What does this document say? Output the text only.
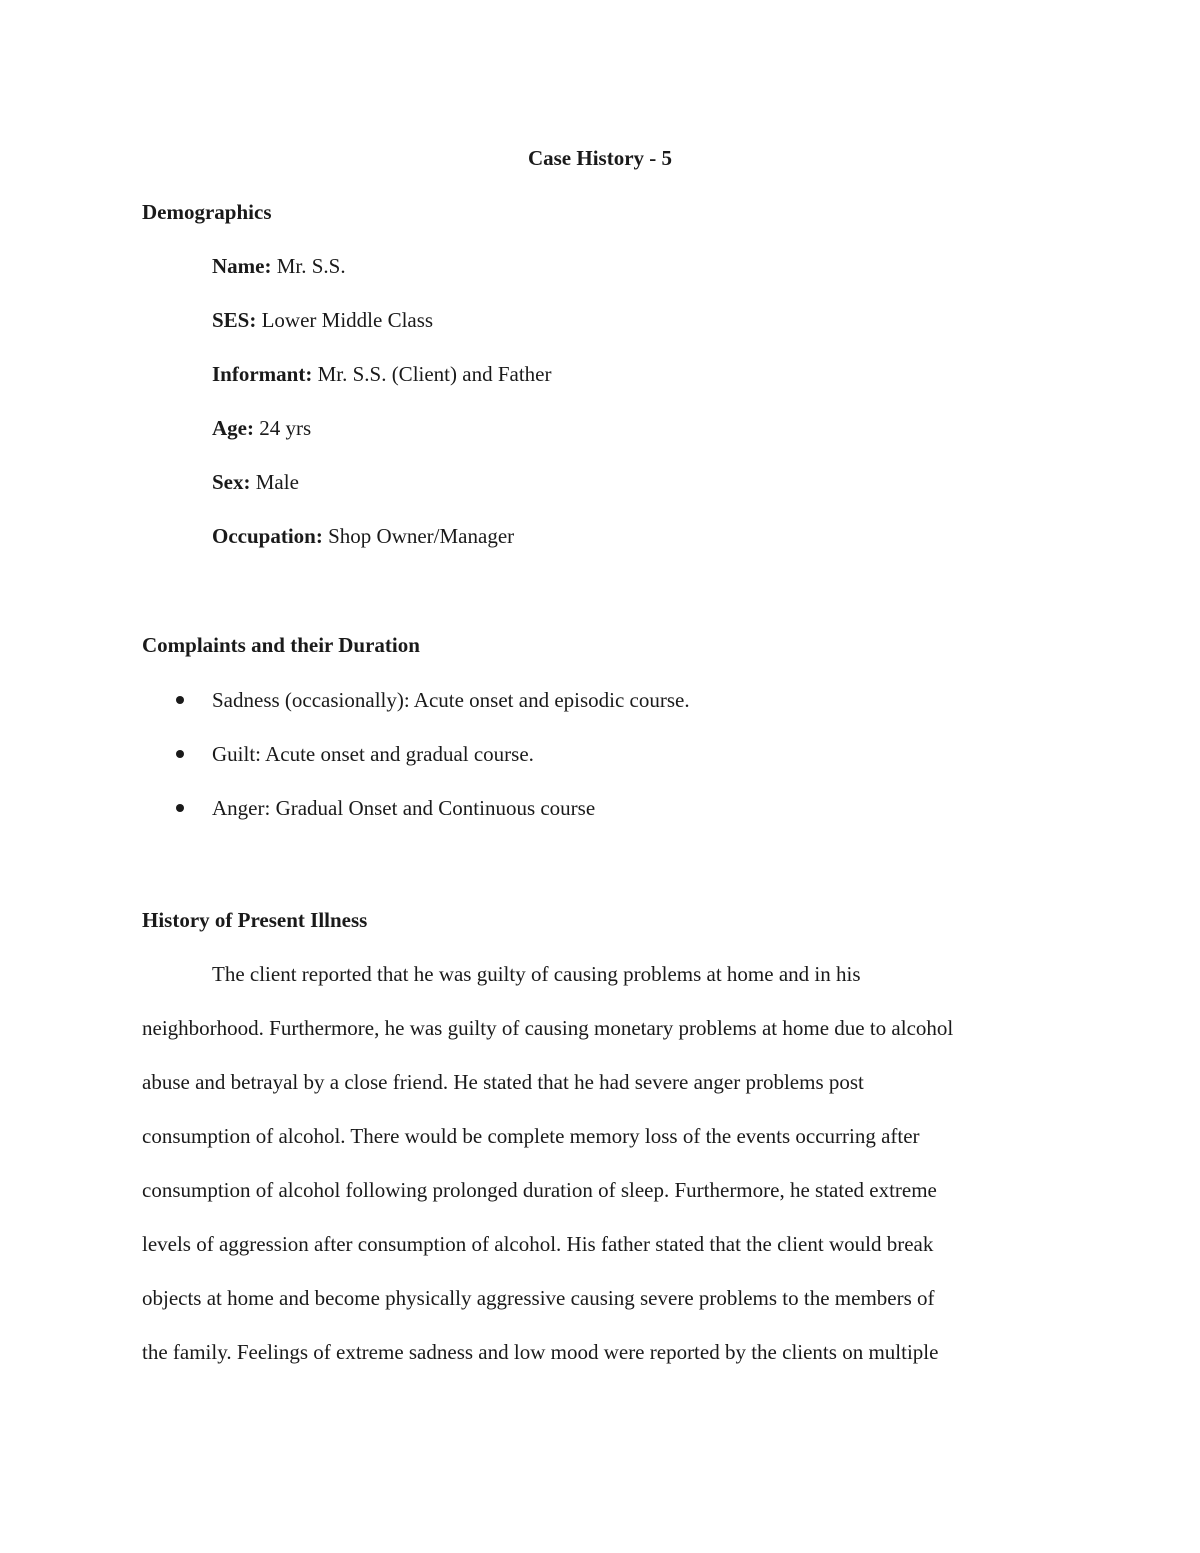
Case History - 5
Demographics
Name: Mr. S.S.
SES: Lower Middle Class
Informant: Mr. S.S. (Client) and Father
Age: 24 yrs
Sex: Male
Occupation: Shop Owner/Manager
Complaints and their Duration
Sadness (occasionally): Acute onset and episodic course.
Guilt: Acute onset and gradual course.
Anger: Gradual Onset and Continuous course
History of Present Illness
The client reported that he was guilty of causing problems at home and in his
neighborhood. Furthermore, he was guilty of causing monetary problems at home due to alcohol
abuse and betrayal by a close friend. He stated that he had severe anger problems post
consumption of alcohol. There would be complete memory loss of the events occurring after
consumption of alcohol following prolonged duration of sleep. Furthermore, he stated extreme
levels of aggression after consumption of alcohol. His father stated that the client would break
objects at home and become physically aggressive causing severe problems to the members of
the family. Feelings of extreme sadness and low mood were reported by the clients on multiple
